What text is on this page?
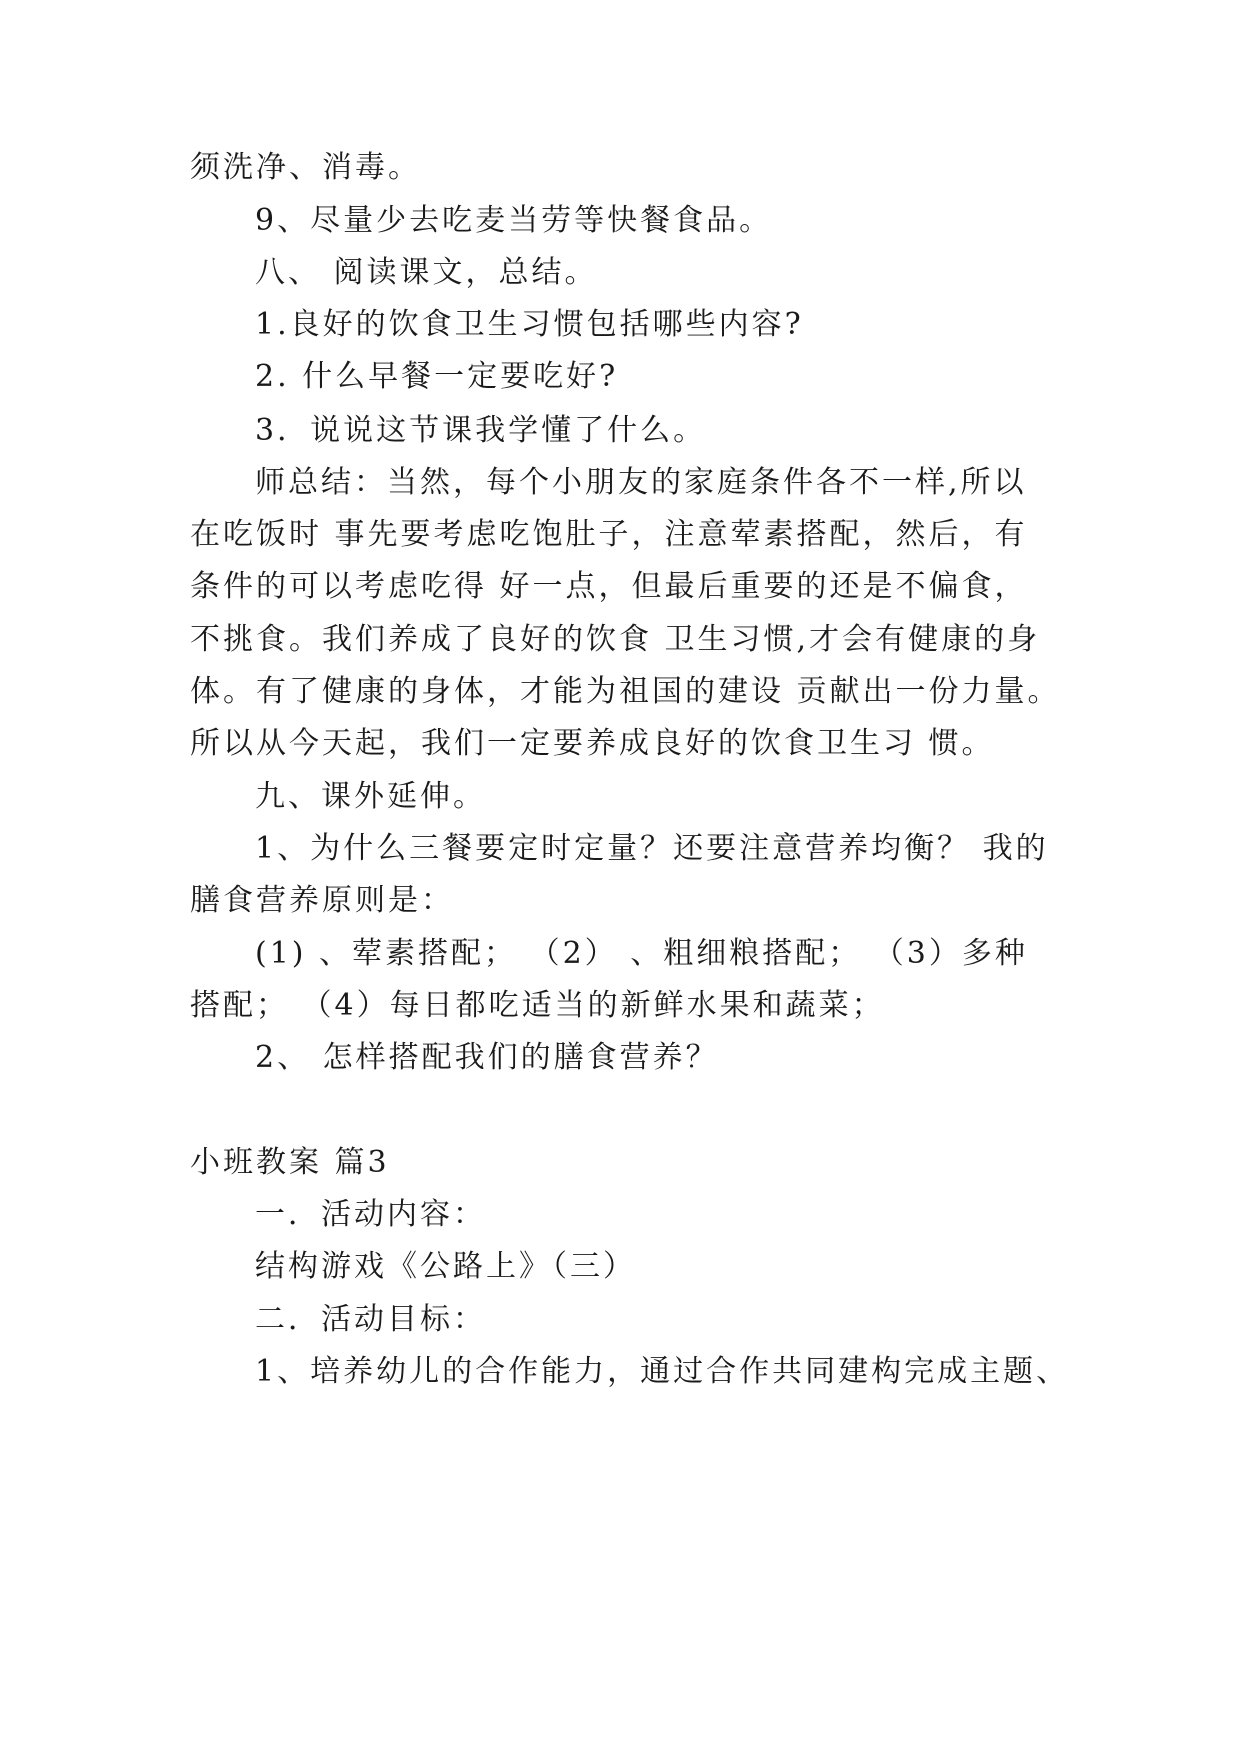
须洗净、消毒。
9、尽量少去吃麦当劳等快餐食品。
八、 阅读课文，总结。
1.良好的饮食卫生习惯包括哪些内容?
2. 什么早餐一定要吃好?
3．说说这节课我学懂了什么。
师总结：当然，每个小朋友的家庭条件各不一样,所以
在吃饭时 事先要考虑吃饱肚子，注意荤素搭配，然后，有
条件的可以考虑吃得 好一点，但最后重要的还是不偏食，
不挑食。我们养成了良好的饮食 卫生习惯,才会有健康的身
体。有了健康的身体，才能为祖国的建设 贡献出一份力量。
所以从今天起，我们一定要养成良好的饮食卫生习 惯。
九、课外延伸。
1、为什么三餐要定时定量？还要注意营养均衡？ 我的
膳食营养原则是：
(1) 、荤素搭配； （2） 、粗细粮搭配； （3）多种
搭配； （4）每日都吃适当的新鲜水果和蔬菜；
2、 怎样搭配我们的膳食营养？
小班教案 篇3
一．活动内容：
结构游戏《公路上》（三）
二．活动目标：
1、培养幼儿的合作能力，通过合作共同建构完成主题、
